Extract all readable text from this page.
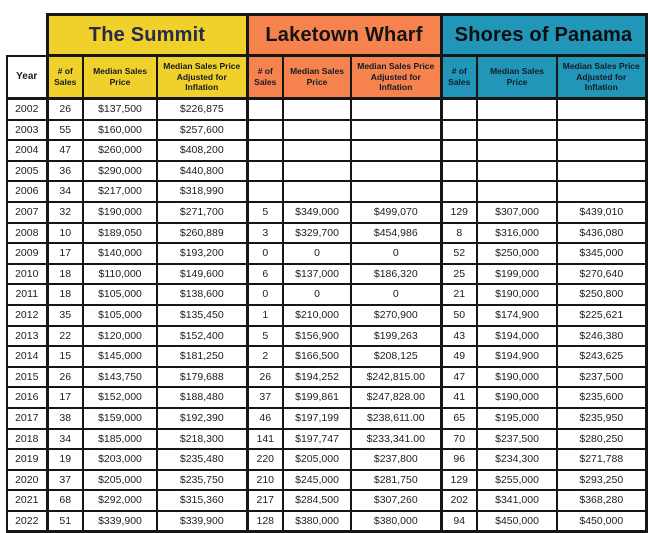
	The Summit			Laketown Wharf			Shores of Panama		
Year	# of Sales	Median Sales Price	Median Sales Price Adjusted for Inflation	# of Sales	Median Sales Price	Median Sales Price Adjusted for Inflation	# of Sales	Median Sales Price	Median Sales Price Adjusted for Inflation
2002	26	$137,500	$226,875						
2003	55	$160,000	$257,600						
2004	47	$260,000	$408,200						
2005	36	$290,000	$440,800						
2006	34	$217,000	$318,990						
2007	32	$190,000	$271,700	5	$349,000	$499,070	129	$307,000	$439,010
2008	10	$189,050	$260,889	3	$329,700	$454,986	8	$316,000	$436,080
2009	17	$140,000	$193,200	0	0	0	52	$250,000	$345,000
2010	18	$110,000	$149,600	6	$137,000	$186,320	25	$199,000	$270,640
2011	18	$105,000	$138,600	0	0	0	21	$190,000	$250,800
2012	35	$105,000	$135,450	1	$210,000	$270,900	50	$174,900	$225,621
2013	22	$120,000	$152,400	5	$156,900	$199,263	43	$194,000	$246,380
2014	15	$145,000	$181,250	2	$166,500	$208,125	49	$194,900	$243,625
2015	26	$143,750	$179,688	26	$194,252	$242,815.00	47	$190,000	$237,500
2016	17	$152,000	$188,480	37	$199,861	$247,828.00	41	$190,000	$235,600
2017	38	$159,000	$192,390	46	$197,199	$238,611.00	65	$195,000	$235,950
2018	34	$185,000	$218,300	141	$197,747	$233,341.00	70	$237,500	$280,250
2019	19	$203,000	$235,480	220	$205,000	$237,800	96	$234,300	$271,788
2020	37	$205,000	$235,750	210	$245,000	$281,750	129	$255,000	$293,250
2021	68	$292,000	$315,360	217	$284,500	$307,260	202	$341,000	$368,280
2022	51	$339,900	$339,900	128	$380,000	$380,000	94	$450,000	$450,000
